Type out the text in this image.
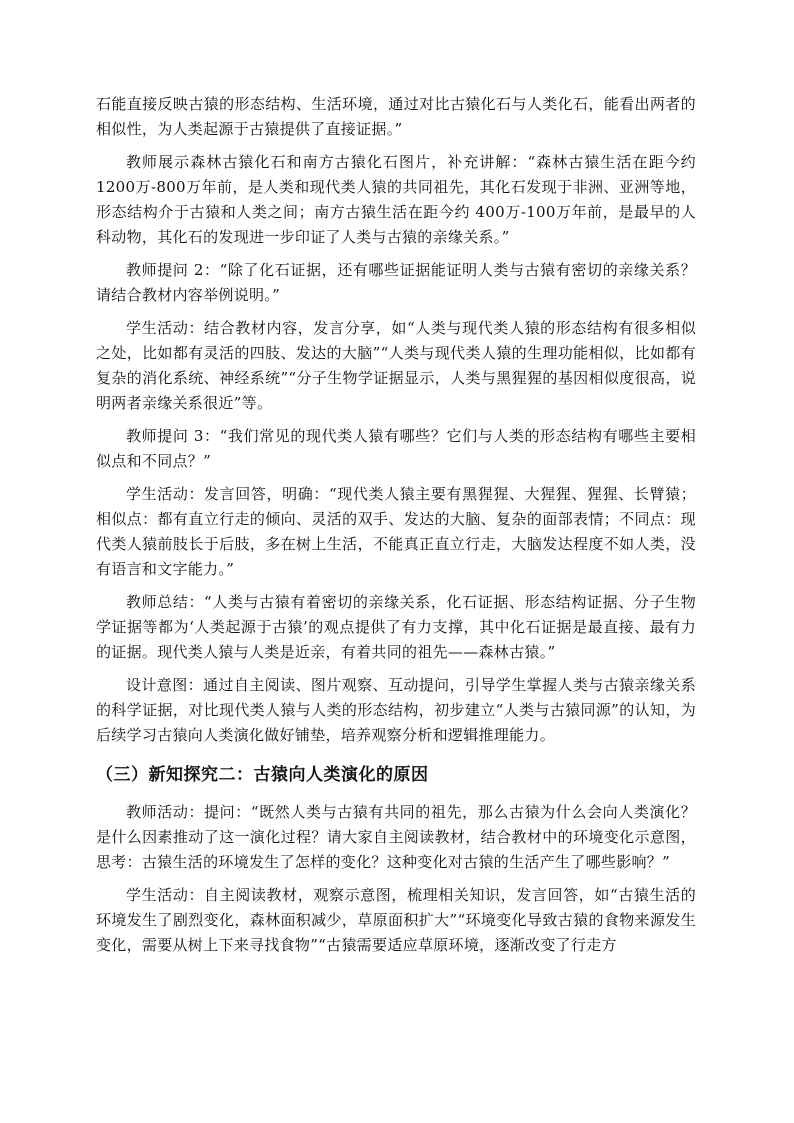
石能直接反映古猿的形态结构、生活环境，通过对比古猿化石与人类化石，能看出两者的相似性，为人类起源于古猿提供了直接证据。”

教师展示森林古猿化石和南方古猿化石图片，补充讲解：“森林古猿生活在距今约1200万-800万年前，是人类和现代类人猿的共同祖先，其化石发现于非洲、亚洲等地，形态结构介于古猿和人类之间；南方古猿生活在距今约 400万-100万年前，是最早的人科动物，其化石的发现进一步印证了人类与古猿的亲缘关系。”

教师提问 2：“除了化石证据，还有哪些证据能证明人类与古猿有密切的亲缘关系？请结合教材内容举例说明。”

学生活动：结合教材内容，发言分享，如“人类与现代类人猿的形态结构有很多相似之处，比如都有灵活的四肢、发达的大脑”“人类与现代类人猿的生理功能相似，比如都有复杂的消化系统、神经系统”“分子生物学证据显示，人类与黑猩猩的基因相似度很高，说明两者亲缘关系很近”等。

教师提问 3：“我们常见的现代类人猿有哪些？它们与人类的形态结构有哪些主要相似点和不同点？”

学生活动：发言回答，明确：“现代类人猿主要有黑猩猩、大猩猩、猩猩、长臂猿；相似点：都有直立行走的倾向、灵活的双手、发达的大脑、复杂的面部表情；不同点：现代类人猿前肢长于后肢，多在树上生活，不能真正直立行走，大脑发达程度不如人类，没有语言和文字能力。”

教师总结：“人类与古猿有着密切的亲缘关系，化石证据、形态结构证据、分子生物学证据等都为‘人类起源于古猿’的观点提供了有力支撑，其中化石证据是最直接、最有力的证据。现代类人猿与人类是近亲，有着共同的祖先——森林古猿。”

设计意图：通过自主阅读、图片观察、互动提问，引导学生掌握人类与古猿亲缘关系的科学证据，对比现代类人猿与人类的形态结构，初步建立“人类与古猿同源”的认知，为后续学习古猿向人类演化做好铺垫，培养观察分析和逻辑推理能力。

（三）新知探究二：古猿向人类演化的原因

教师活动：提问：“既然人类与古猿有共同的祖先，那么古猿为什么会向人类演化？是什么因素推动了这一演化过程？请大家自主阅读教材，结合教材中的环境变化示意图，思考：古猿生活的环境发生了怎样的变化？这种变化对古猿的生活产生了哪些影响？”

学生活动：自主阅读教材，观察示意图，梳理相关知识，发言回答，如“古猿生活的环境发生了剧烈变化，森林面积减少，草原面积扩大”“环境变化导致古猿的食物来源发生变化，需要从树上下来寻找食物”“古猿需要适应草原环境，逐渐改变了行走方
